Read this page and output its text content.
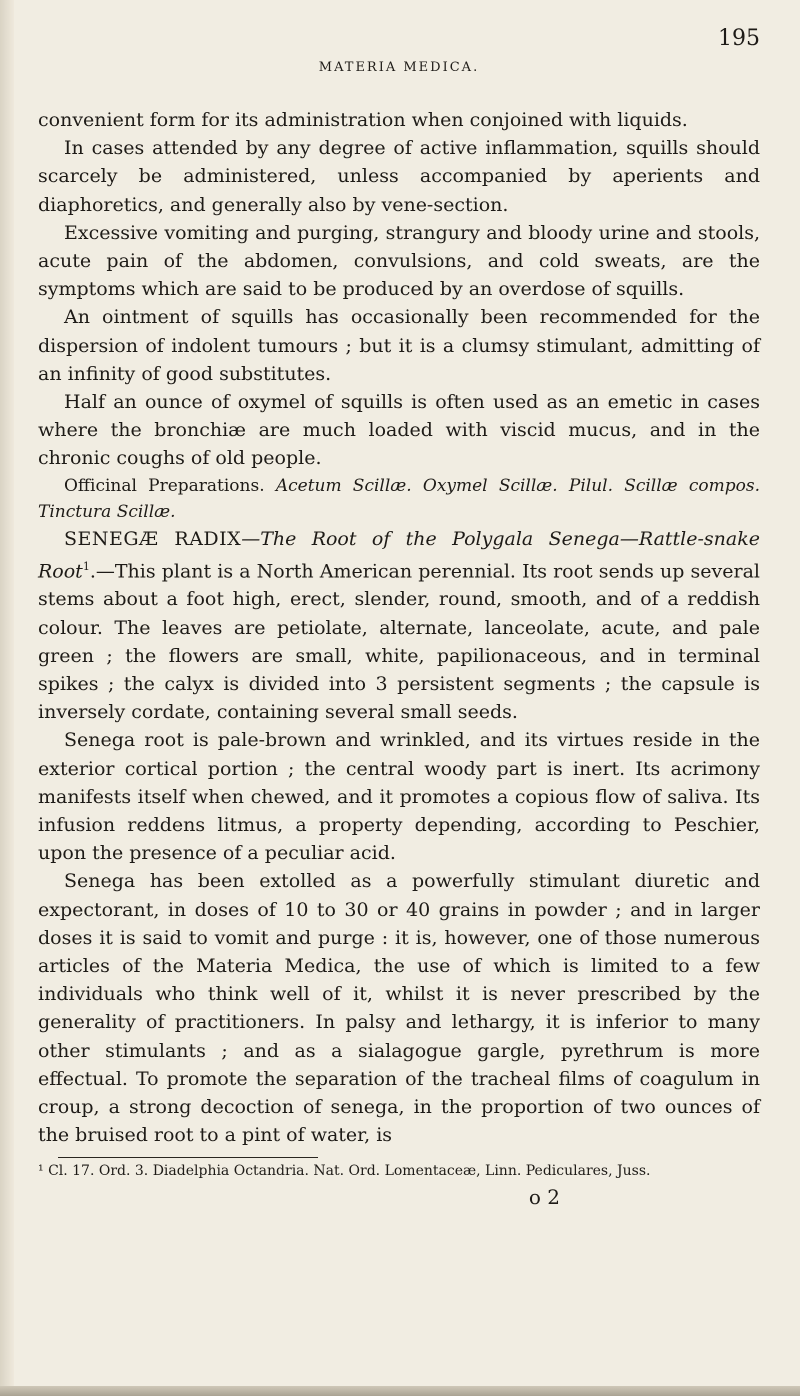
MATERIA MEDICA.
195

convenient form for its administration when conjoined with liquids.

In cases attended by any degree of active inflammation, squills should scarcely be administered, unless accompanied by aperients and diaphoretics, and generally also by vene-section.

Excessive vomiting and purging, strangury and bloody urine and stools, acute pain of the abdomen, convulsions, and cold sweats, are the symptoms which are said to be produced by an overdose of squills.

An ointment of squills has occasionally been recommended for the dispersion of indolent tumours ; but it is a clumsy stimulant, admitting of an infinity of good substitutes.

Half an ounce of oxymel of squills is often used as an emetic in cases where the bronchiæ are much loaded with viscid mucus, and in the chronic coughs of old people.

Officinal Preparations. Acetum Scillæ. Oxymel Scillæ. Pilul. Scillæ compos. Tinctura Scillæ.

SENEGÆ RADIX—The Root of the Polygala Senega—Rattle-snake Root$^1$.—This plant is a North American perennial. Its root sends up several stems about a foot high, erect, slender, round, smooth, and of a reddish colour. The leaves are petiolate, alternate, lanceolate, acute, and pale green ; the flowers are small, white, papilionaceous, and in terminal spikes ; the calyx is divided into 3 persistent segments ; the capsule is inversely cordate, containing several small seeds.

Senega root is pale-brown and wrinkled, and its virtues reside in the exterior cortical portion ; the central woody part is inert. Its acrimony manifests itself when chewed, and it promotes a copious flow of saliva. Its infusion reddens litmus, a property depending, according to Peschier, upon the presence of a peculiar acid.

Senega has been extolled as a powerfully stimulant diuretic and expectorant, in doses of 10 to 30 or 40 grains in powder ; and in larger doses it is said to vomit and purge : it is, however, one of those numerous articles of the Materia Medica, the use of which is limited to a few individuals who think well of it, whilst it is never prescribed by the generality of practitioners. In palsy and lethargy, it is inferior to many other stimulants ; and as a sialagogue gargle, pyrethrum is more effectual. To promote the separation of the tracheal films of coagulum in croup, a strong decoction of senega, in the proportion of two ounces of the bruised root to a pint of water, is

¹ Cl. 17. Ord. 3. Diadelphia Octandria. Nat. Ord. Lomentaceæ, Linn. Pediculares, Juss.
o 2
